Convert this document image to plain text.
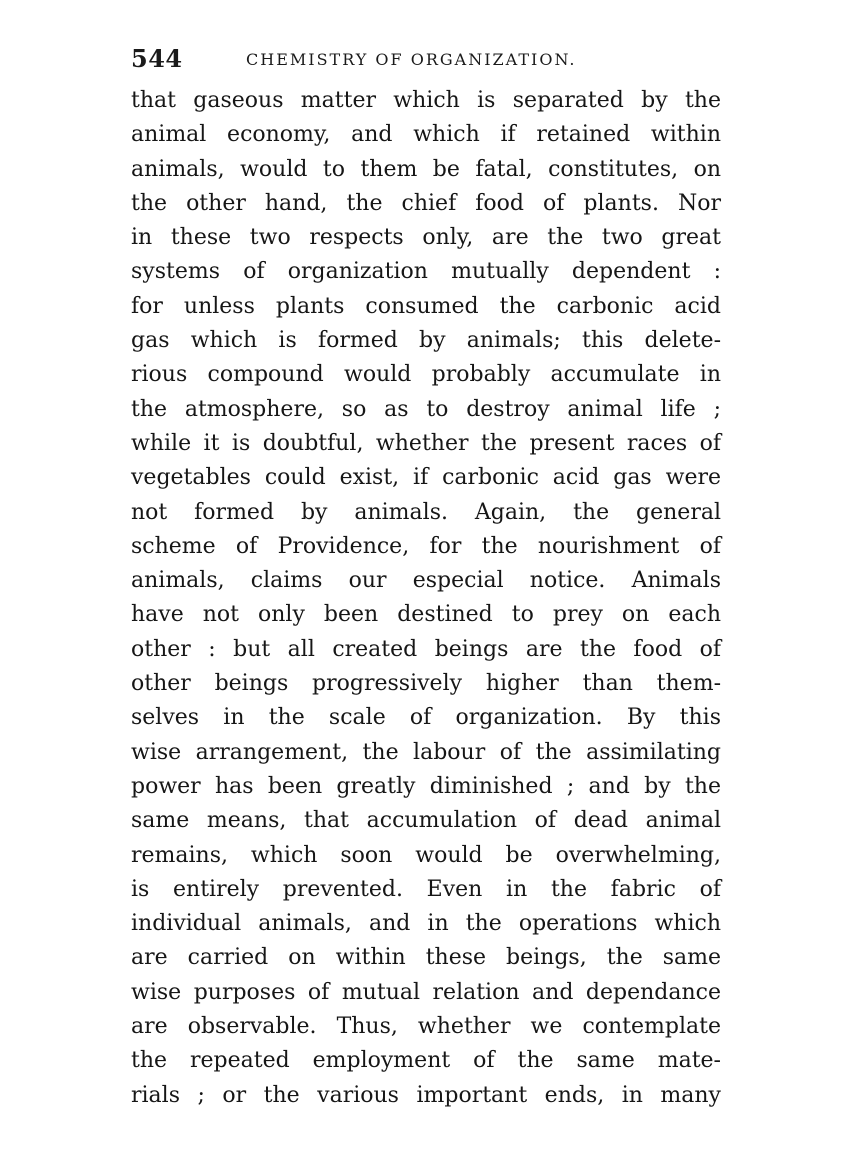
544	CHEMISTRY OF ORGANIZATION.
that gaseous matter which is separated by the
animal economy, and which if retained within
animals, would to them be fatal, constitutes, on
the other hand, the chief food of plants. Nor
in these two respects only, are the two great
systems of organization mutually dependent :
for unless plants consumed the carbonic acid
gas which is formed by animals; this delete-
rious compound would probably accumulate in
the atmosphere, so as to destroy animal life ;
while it is doubtful, whether the present races of
vegetables could exist, if carbonic acid gas were
not formed by animals. Again, the general
scheme of Providence, for the nourishment of
animals, claims our especial notice. Animals
have not only been destined to prey on each
other : but all created beings are the food of
other beings progressively higher than them-
selves in the scale of organization. By this
wise arrangement, the labour of the assimilating
power has been greatly diminished ; and by the
same means, that accumulation of dead animal
remains, which soon would be overwhelming,
is entirely prevented. Even in the fabric of
individual animals, and in the operations which
are carried on within these beings, the same
wise purposes of mutual relation and dependance
are observable. Thus, whether we contemplate
the repeated employment of the same mate-
rials ; or the various important ends, in many
